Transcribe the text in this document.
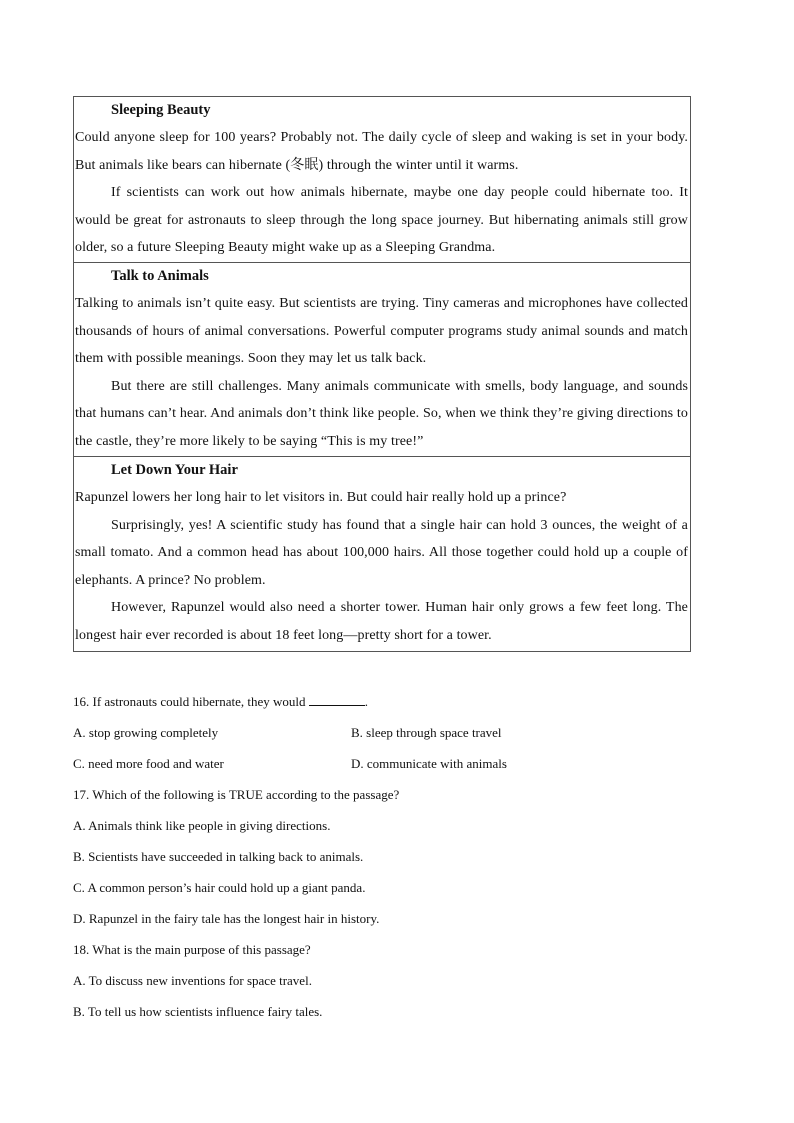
Sleeping Beauty

Could anyone sleep for 100 years? Probably not. The daily cycle of sleep and waking is set in your body. But animals like bears can hibernate (冬眠) through the winter until it warms.

If scientists can work out how animals hibernate, maybe one day people could hibernate too. It would be great for astronauts to sleep through the long space journey. But hibernating animals still grow older, so a future Sleeping Beauty might wake up as a Sleeping Grandma.

Talk to Animals

Talking to animals isn’t quite easy. But scientists are trying. Tiny cameras and microphones have collected thousands of hours of animal conversations. Powerful computer programs study animal sounds and match them with possible meanings. Soon they may let us talk back.

But there are still challenges. Many animals communicate with smells, body language, and sounds that humans can’t hear. And animals don’t think like people. So, when we think they’re giving directions to the castle, they’re more likely to be saying “This is my tree!”

Let Down Your Hair

Rapunzel lowers her long hair to let visitors in. But could hair really hold up a prince?

Surprisingly, yes! A scientific study has found that a single hair can hold 3 ounces, the weight of a small tomato. And a common head has about 100,000 hairs. All those together could hold up a couple of elephants. A prince? No problem.

However, Rapunzel would also need a shorter tower. Human hair only grows a few feet long. The longest hair ever recorded is about 18 feet long—pretty short for a tower.

16. If astronauts could hibernate, they would	.

A. stop growing completely	B. sleep through space travel
C. need more food and water	D. communicate with animals

17. Which of the following is TRUE according to the passage?

A. Animals think like people in giving directions.

B. Scientists have succeeded in talking back to animals.

C. A common person’s hair could hold up a giant panda.

D. Rapunzel in the fairy tale has the longest hair in history.

18. What is the main purpose of this passage?

A. To discuss new inventions for space travel.

B. To tell us how scientists influence fairy tales.
